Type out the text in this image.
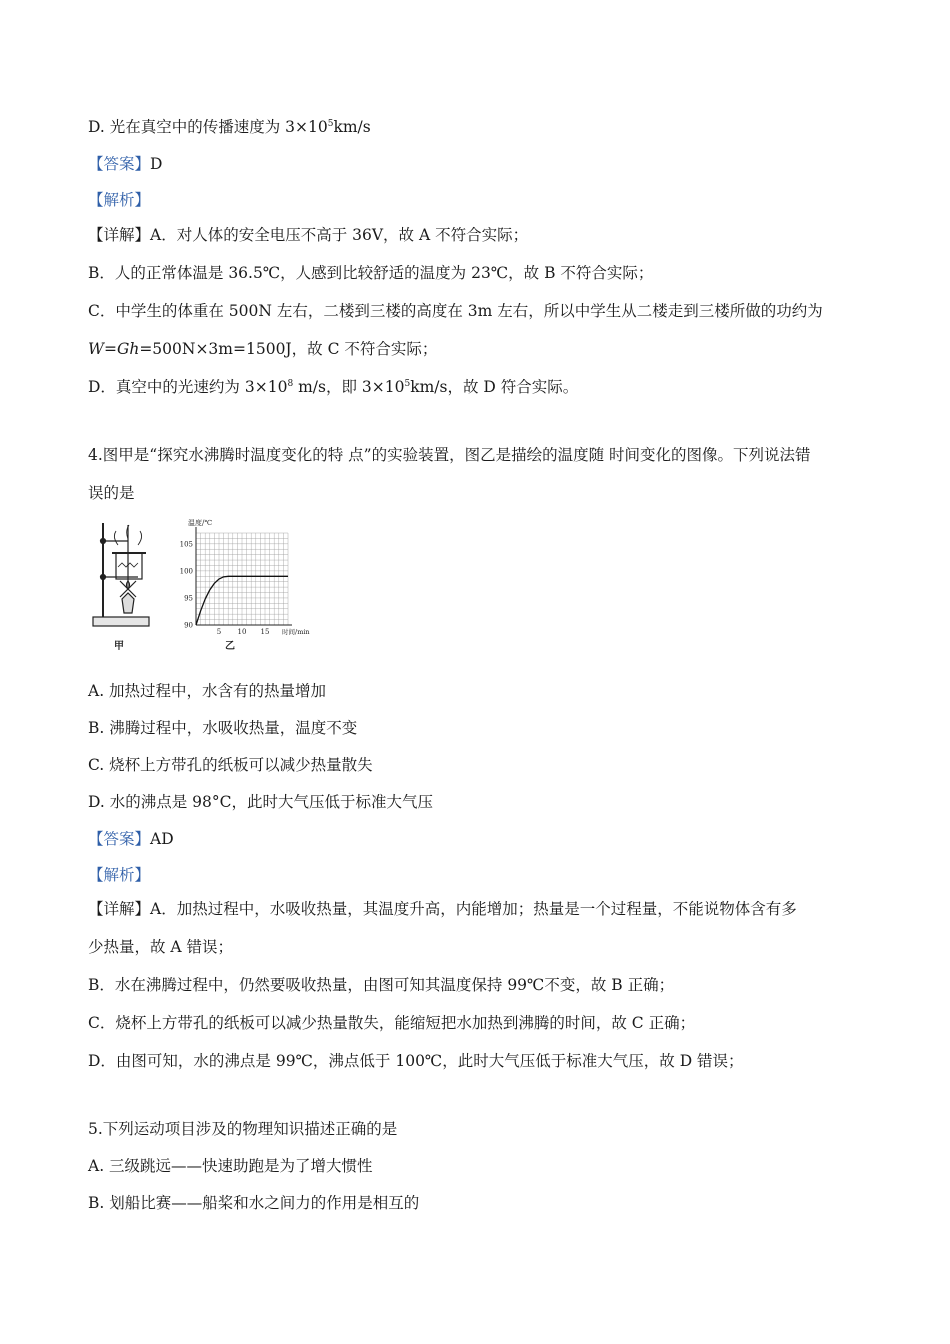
D. 光在真空中的传播速度为 $3\times 10^5km/s$
【答案】D
【解析】
【详解】A．对人体的安全电压不高于 36V，故 A 不符合实际；
B．人的正常体温是 36.5℃，人感到比较舒适的温度为 23℃，故 B 不符合实际；
C．中学生的体重在 500N 左右，二楼到三楼的高度在 3m 左右，所以中学生从二楼走到三楼所做的功约为
W=Gh=500N×3m=1500J，故 C 不符合实际；
D．真空中的光速约为 $3\times 10^8$ m/s，即 $3\times 10^5km/s$，故 D 符合实际。
4.图甲是“探究水沸腾时温度变化的特 点”的实验装置，图乙是描绘的温度随 时间变化的图像。下列说法错
误的是
甲
105
100
95
90
5 10 15
温度/℃
时间/min
乙
A. 加热过程中，水含有的热量增加
B. 沸腾过程中，水吸收热量，温度不变
C. 烧杯上方带孔的纸板可以减少热量散失
D. 水的沸点是 98°C，此时大气压低于标准大气压
【答案】AD
【解析】
【详解】A．加热过程中，水吸收热量，其温度升高，内能增加；热量是一个过程量，不能说物体含有多
少热量，故 A 错误；
B．水在沸腾过程中，仍然要吸收热量，由图可知其温度保持 99℃不变，故 B 正确；
C．烧杯上方带孔的纸板可以减少热量散失，能缩短把水加热到沸腾的时间，故 C 正确；
D．由图可知，水的沸点是 99℃，沸点低于 100℃，此时大气压低于标准大气压，故 D 错误；
5.下列运动项目涉及的物理知识描述正确的是
A. 三级跳远——快速助跑是为了增大惯性
B. 划船比赛——船桨和水之间力的作用是相互的
